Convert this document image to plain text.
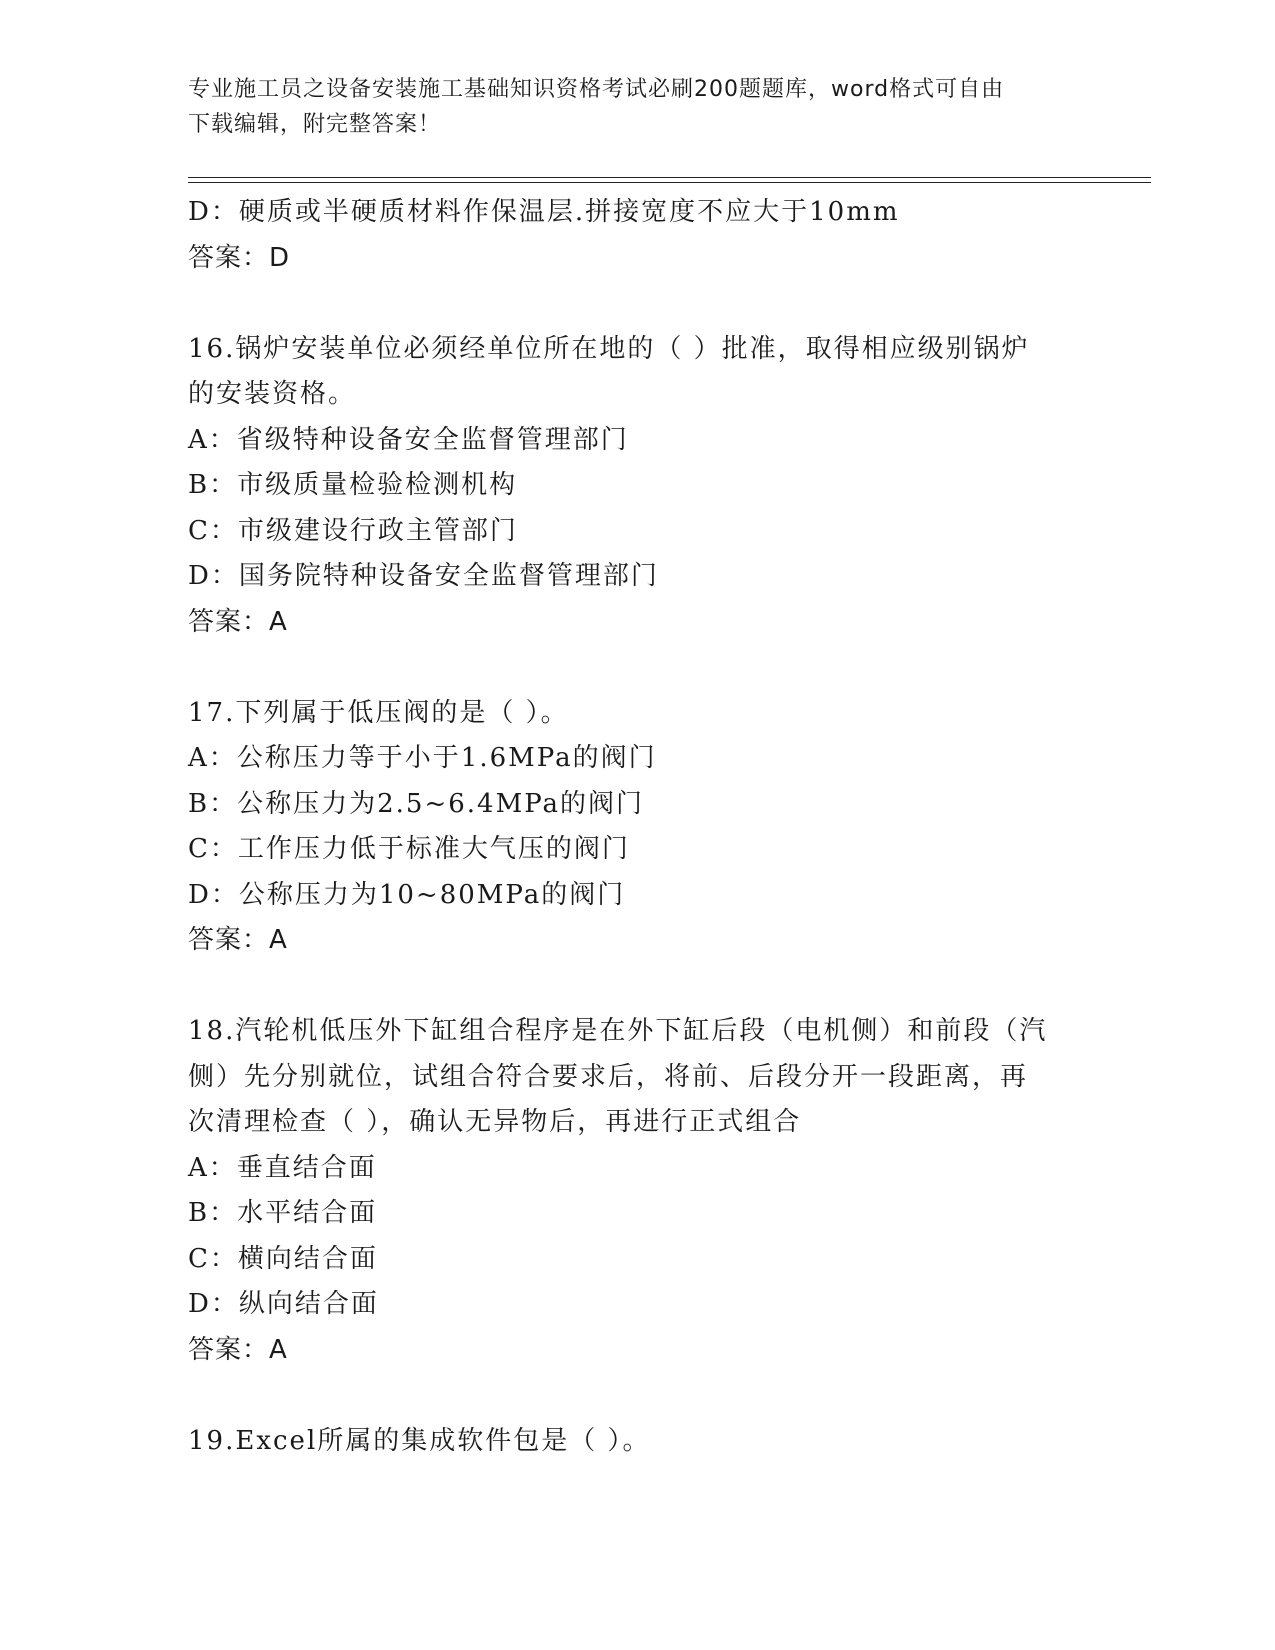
专业施工员之设备安装施工基础知识资格考试必刷200题题库，word格式可自由
下载编辑，附完整答案！
D：硬质或半硬质材料作保温层.拼接宽度不应大于10mm
答案：D
16.锅炉安装单位必须经单位所在地的（ ）批准，取得相应级别锅炉
的安装资格。
A：省级特种设备安全监督管理部门
B：市级质量检验检测机构
C：市级建设行政主管部门
D：国务院特种设备安全监督管理部门
答案：A
17.下列属于低压阀的是（ ）。
A：公称压力等于小于1.6MPa的阀门
B：公称压力为2.5~6.4MPa的阀门
C：工作压力低于标准大气压的阀门
D：公称压力为10~80MPa的阀门
答案：A
18.汽轮机低压外下缸组合程序是在外下缸后段（电机侧）和前段（汽
侧）先分别就位，试组合符合要求后，将前、后段分开一段距离，再
次清理检查（ ），确认无异物后，再进行正式组合
A：垂直结合面
B：水平结合面
C：横向结合面
D：纵向结合面
答案：A
19.Excel所属的集成软件包是（ ）。
